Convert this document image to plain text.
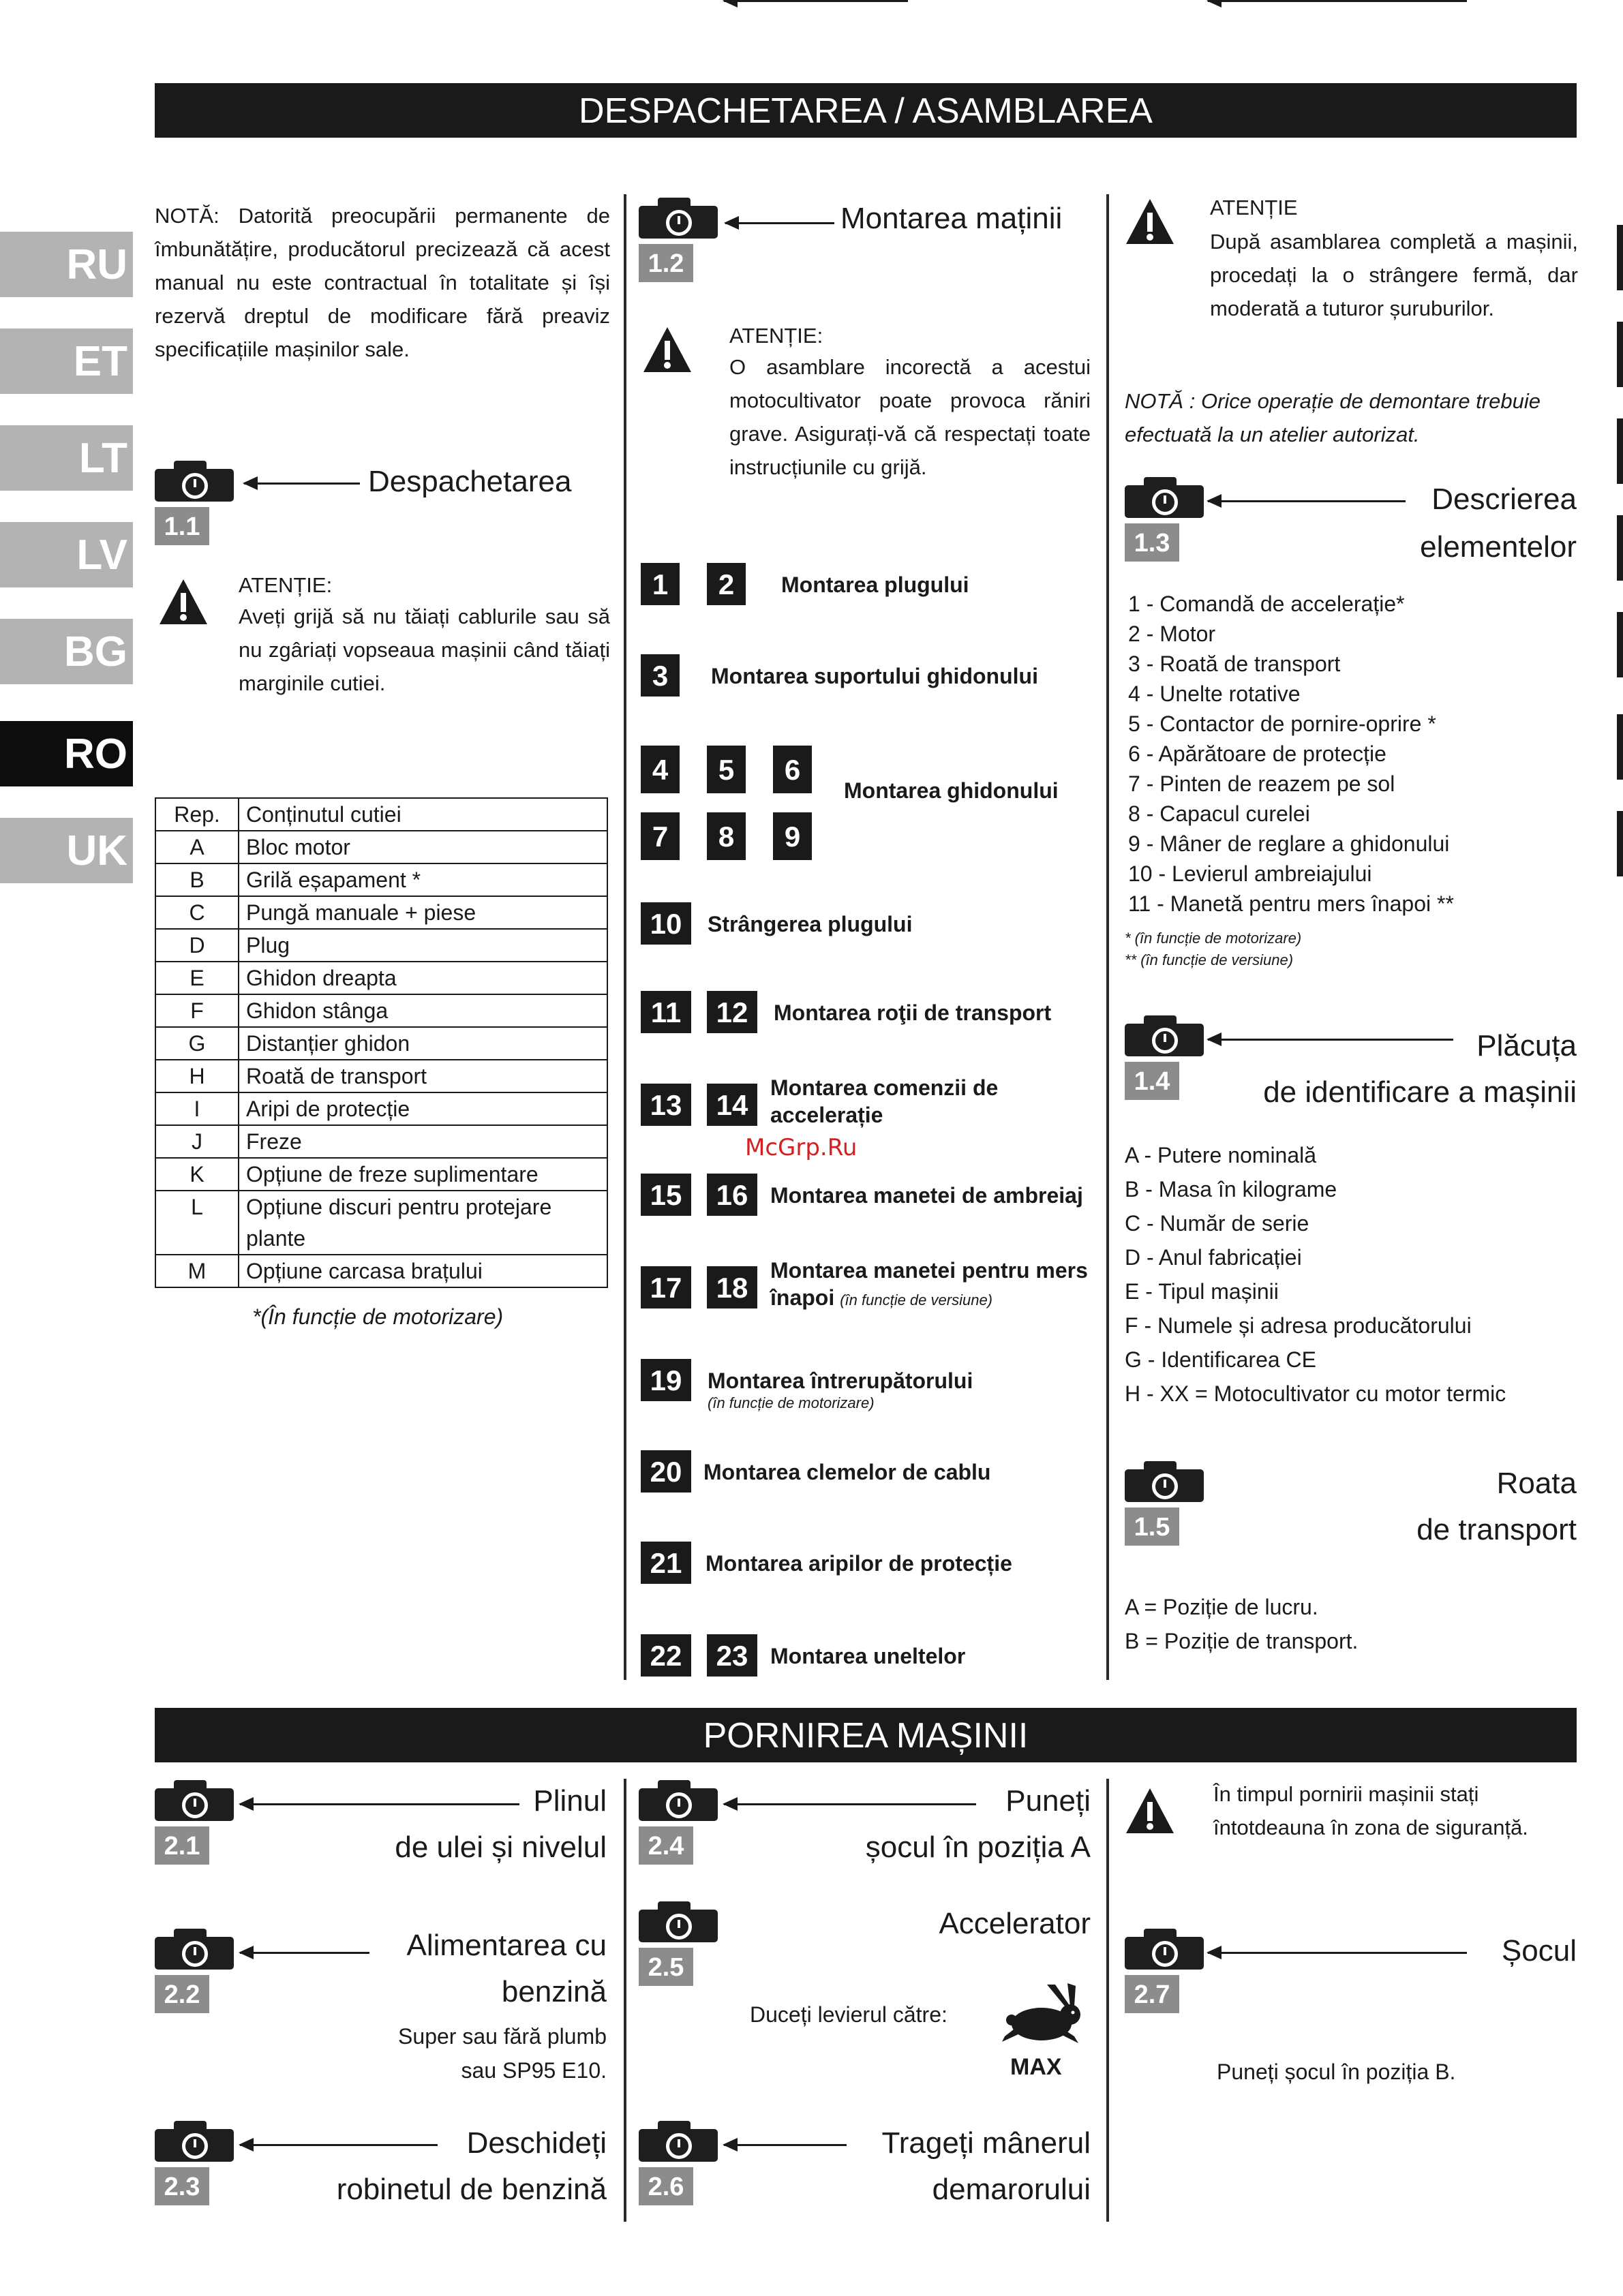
DESPACHETAREA / ASAMBLAREA
PORNIREA MAȘINII
RU
ET
LT
LV
BG
RO
UK
NOTĂ: Datorită preocupării permanente de îmbunătățire, producătorul precizează că acest manual nu este contractual în totalitate și își rezervă dreptul de modificare fără preaviz specificațiile mașinilor sale.
1.1
Despachetarea
ATENȚIE:
Aveți grijă să nu tăiați cablurile sau să nu zgâriați vopseaua mașinii când tăiați marginile cutiei.
Rep.	Conținutul cutiei
A	Bloc motor
B	Grilă eșapament *
C	Pungă manuale + piese
D	Plug
E	Ghidon dreapta
F	Ghidon stânga
G	Distanțier ghidon
H	Roată de transport
I	Aripi de protecție
J	Freze
K	Opțiune de freze suplimentare
L	Opțiune discuri pentru protejare plante
M	Opțiune carcasa brațului
*(În funcție de motorizare)
1.2
Montarea maținii
ATENȚIE:
O asamblare incorectă a acestui motocultivator poate provoca răniri grave. Asigurați-vă că respectați toate instrucțiunile cu grijă.
1	2	Montarea plugului
3	Montarea suportului ghidonului
4	5	6
7	8	9
Montarea ghidonului
10	Strângerea plugului
11	12	Montarea roţii de transport
13	14
Montarea comenzii de accelerație
15	16	Montarea manetei de ambreiaj
17	18
Montarea manetei pentru mers înapoi (în funcție de versiune)
19	Montarea întrerupătorului
(în funcție de motorizare)
20 Montarea clemelor de cablu
21	Montarea aripilor de protecție
22	23	Montarea uneltelor
McGrp.Ru
ATENȚIE
După asamblarea completă a mașinii, procedați la o strângere fermă, dar moderată a tuturor șuruburilor.
NOTĂ : Orice operație de demontare trebuie efectuată la un atelier autorizat.
1.3
Descrierea
elementelor
1 - Comandă de accelerație*
2 - Motor
3 - Roată de transport
4 - Unelte rotative
5 - Contactor de pornire-oprire *
6 - Apărătoare de protecție
7 - Pinten de reazem pe sol
8 - Capacul curelei
9 - Mâner de reglare a ghidonului
10 - Levierul ambreiajului
11 - Manetă pentru mers înapoi **
* (în funcție de motorizare)
** (în funcție de versiune)
1.4
Plăcuța
de identificare a mașinii
A - Putere nominală
B - Masa în kilograme
C - Număr de serie
D - Anul fabricației
E - Tipul mașinii
F - Numele și adresa producătorului
G - Identificarea CE
H - XX = Motocultivator cu motor termic
1.5
Roata
de transport
A = Poziție de lucru.
B = Poziție de transport.
2.1
Plinul
de ulei și nivelul
2.2
Alimentarea cu
benzină
Super sau fără plumb
sau SP95 E10.
2.3
Deschideți
robinetul de benzină
2.4
Puneți
șocul în poziția A
2.5
Accelerator
Duceți levierul către:
MAX
2.6
Trageți mânerul
demarorului
În timpul pornirii mașinii stați întotdeauna în zona de siguranță.
2.7
Șocul
Puneți șocul în poziția B.
